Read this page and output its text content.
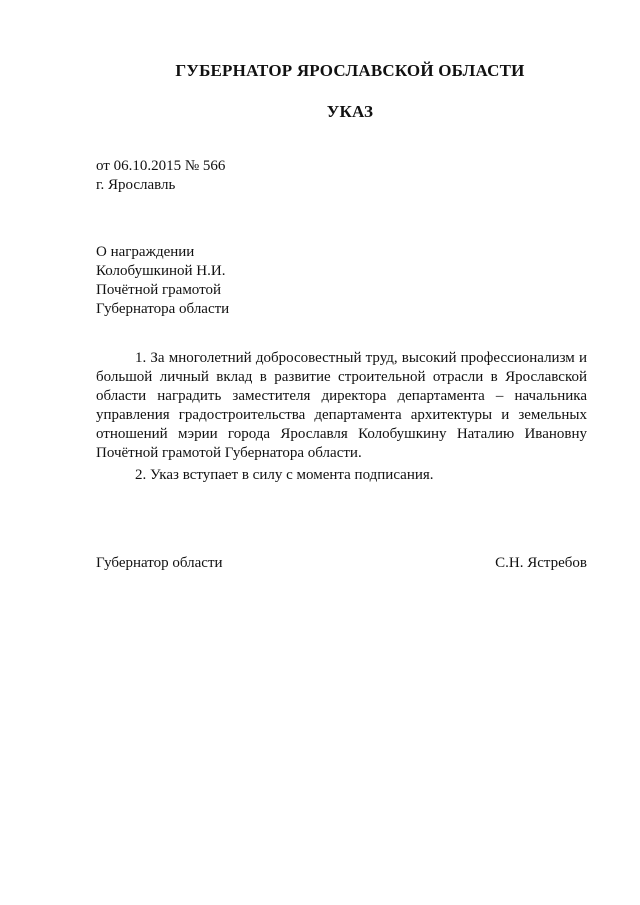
ГУБЕРНАТОР ЯРОСЛАВСКОЙ ОБЛАСТИ
УКАЗ
от 06.10.2015 № 566
г. Ярославль
О награждении
Колобушкиной Н.И.
Почётной грамотой
Губернатора области
1. За многолетний добросовестный труд, высокий профессионализм и большой личный вклад в развитие строительной отрасли в Ярославской области наградить заместителя директора департамента – начальника управления градостроительства департамента архитектуры и земельных отношений мэрии города Ярославля Колобушкину Наталию Ивановну Почётной грамотой Губернатора области.
2. Указ вступает в силу с момента подписания.
Губернатор области	С.Н. Ястребов
